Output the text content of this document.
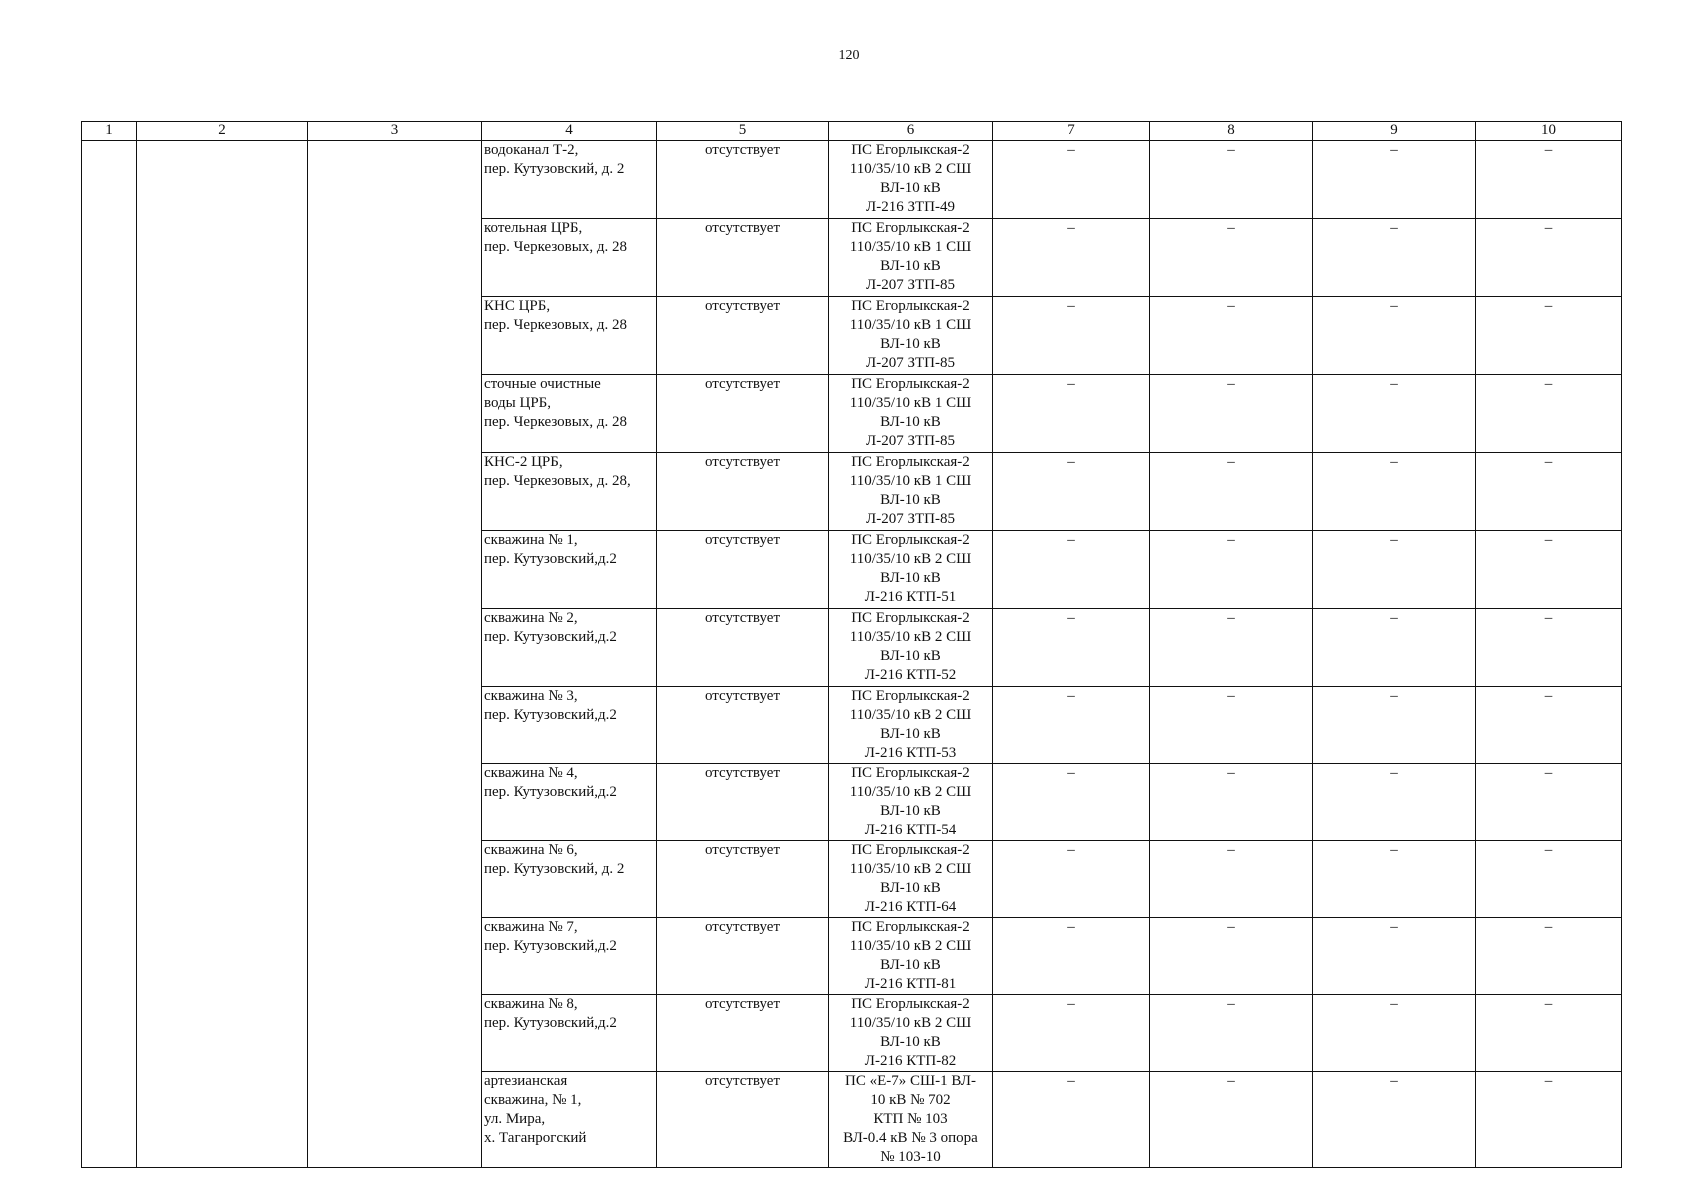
120
1	2	3	4	5	6	7	8	9	10

			водоканал Т-2,
пер. Кутузовский, д. 2	отсутствует	ПС Егорлыкская-2
110/35/10 кВ 2 СШ
ВЛ-10 кВ
Л-216 ЗТП-49	–	–	–	–

			котельная ЦРБ,
пер. Черкезовых, д. 28	отсутствует	ПС Егорлыкская-2
110/35/10 кВ 1 СШ
ВЛ-10 кВ
Л-207 ЗТП-85	–	–	–	–

			КНС ЦРБ,
пер. Черкезовых, д. 28	отсутствует	ПС Егорлыкская-2
110/35/10 кВ 1 СШ
ВЛ-10 кВ
Л-207 ЗТП-85	–	–	–	–

			сточные очистные
воды ЦРБ,
пер. Черкезовых, д. 28	отсутствует	ПС Егорлыкская-2
110/35/10 кВ 1 СШ
ВЛ-10 кВ
Л-207 ЗТП-85	–	–	–	–

			КНС-2 ЦРБ,
пер. Черкезовых, д. 28,	отсутствует	ПС Егорлыкская-2
110/35/10 кВ 1 СШ
ВЛ-10 кВ
Л-207 ЗТП-85	–	–	–	–

			скважина № 1,
пер. Кутузовский,д.2	отсутствует	ПС Егорлыкская-2
110/35/10 кВ 2 СШ
ВЛ-10 кВ
Л-216 КТП-51	–	–	–	–

			скважина № 2,
пер. Кутузовский,д.2	отсутствует	ПС Егорлыкская-2
110/35/10 кВ 2 СШ
ВЛ-10 кВ
Л-216 КТП-52	–	–	–	–

			скважина № 3,
пер. Кутузовский,д.2	отсутствует	ПС Егорлыкская-2
110/35/10 кВ 2 СШ
ВЛ-10 кВ
Л-216 КТП-53	–	–	–	–

			скважина № 4,
пер. Кутузовский,д.2	отсутствует	ПС Егорлыкская-2
110/35/10 кВ 2 СШ
ВЛ-10 кВ
Л-216 КТП-54	–	–	–	–

			скважина № 6,
пер. Кутузовский, д. 2	отсутствует	ПС Егорлыкская-2
110/35/10 кВ 2 СШ
ВЛ-10 кВ
Л-216 КТП-64	–	–	–	–

			скважина № 7,
пер. Кутузовский,д.2	отсутствует	ПС Егорлыкская-2
110/35/10 кВ 2 СШ
ВЛ-10 кВ
Л-216 КТП-81	–	–	–	–

			скважина № 8,
пер. Кутузовский,д.2	отсутствует	ПС Егорлыкская-2
110/35/10 кВ 2 СШ
ВЛ-10 кВ
Л-216 КТП-82	–	–	–	–

			артезианская
скважина, № 1,
ул. Мира,
х. Таганрогский	отсутствует	ПС «Е-7» СШ-1 ВЛ-
10 кВ № 702
КТП № 103
ВЛ-0.4 кВ № 3 опора
№ 103-10	–	–	–	–
